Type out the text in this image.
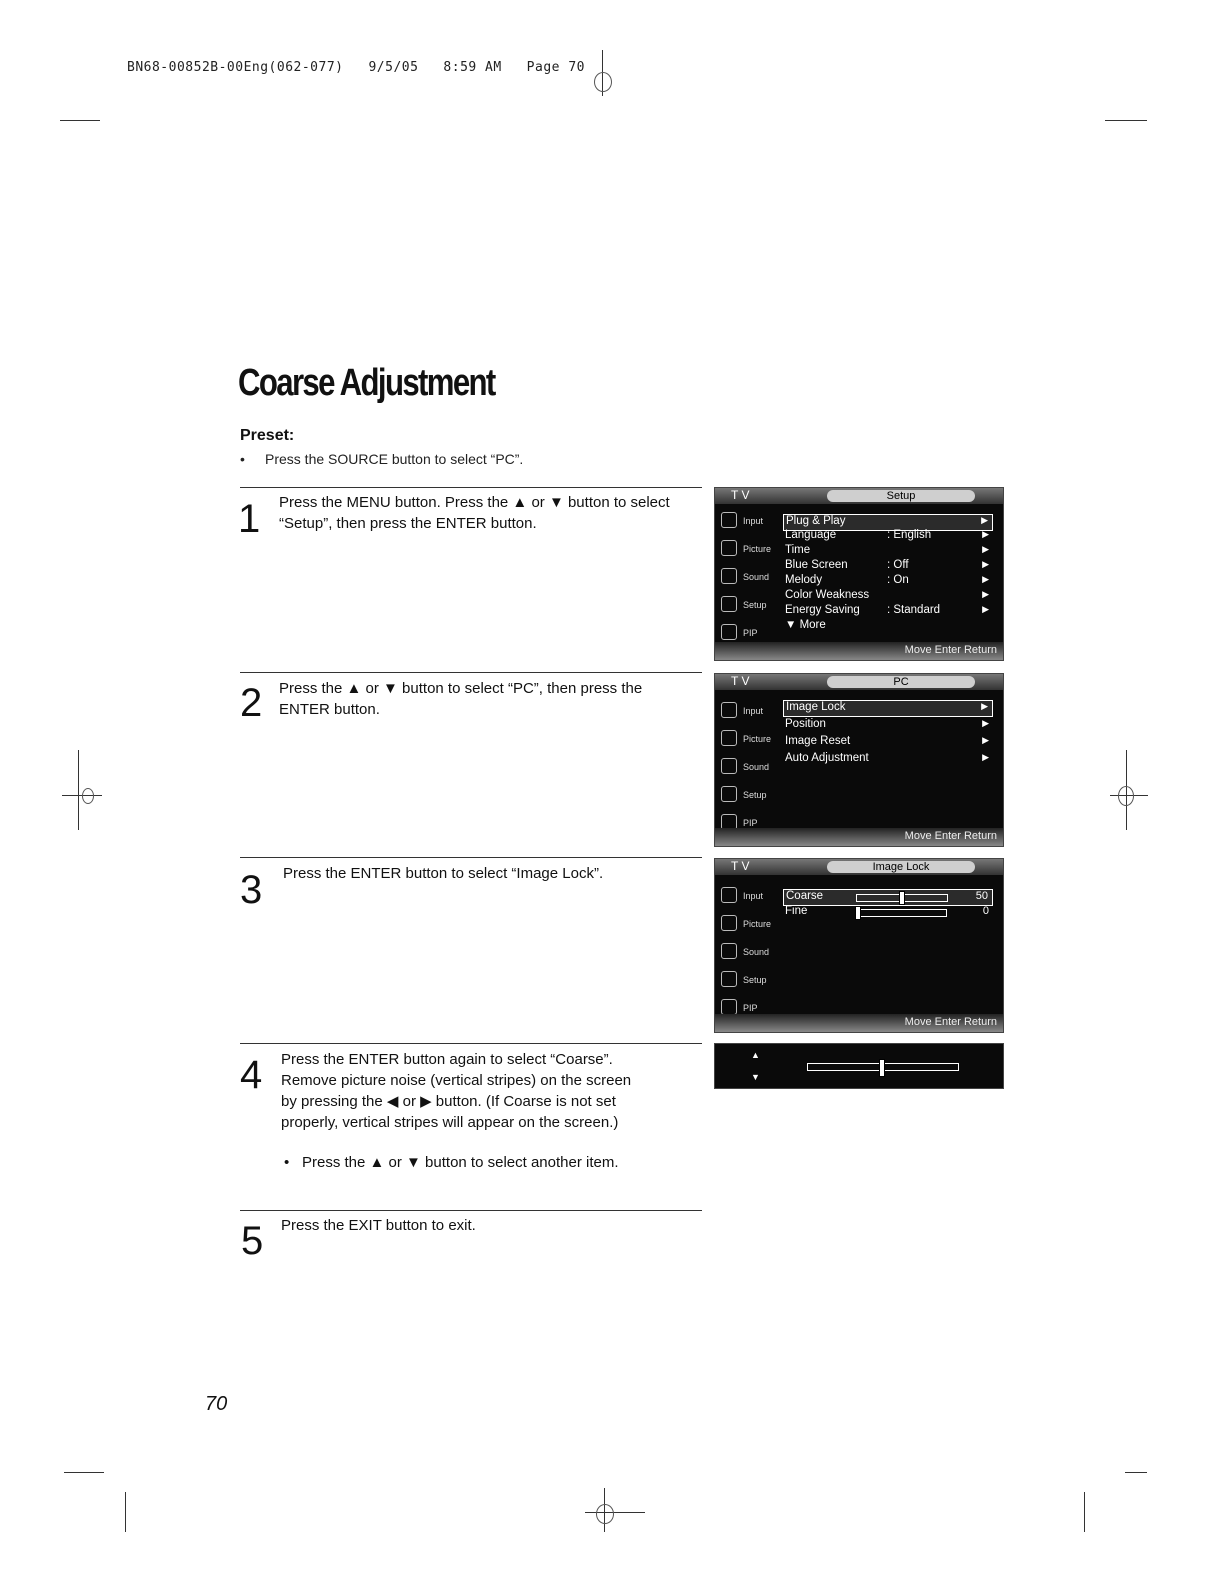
BN68-00852B-00Eng(062-077)   9/5/05   8:59 AM   Page 70
Coarse Adjustment
Preset:
• Press the SOURCE button to select “PC”.
1 Press the MENU button. Press the ▲ or ▼ button to select
“Setup”, then press the ENTER button.
2 Press the ▲ or ▼ button to select “PC”, then press the
ENTER button.
3 Press the ENTER button to select “Image Lock”.
4 Press the ENTER button again to select “Coarse”.
Remove picture noise (vertical stripes) on the screen
by pressing the ◀ or ▶ button. (If Coarse is not set
properly, vertical stripes will appear on the screen.)
• Press the ▲ or ▼ button to select another item.
5 Press the EXIT button to exit.
T V	Setup
Input
Picture
Sound
Setup
PIP
Plug & Play	▶
Language	: English	▶
Time	▶
Blue Screen	: Off	▶
Melody	: On	▶
Color Weakness	▶
Energy Saving : Standard	▶
▼ More
Move Enter Return
T V	PC
Input
Picture
Sound
Setup
PIP
Image Lock	▶
Position	▶
Image Reset	▶
Auto Adjustment	▶
Move Enter Return
T V	Image Lock
Input
Picture
Sound
Setup
PIP
Coarse	50
Fine	0
Move Enter Return
▲
▼
70
